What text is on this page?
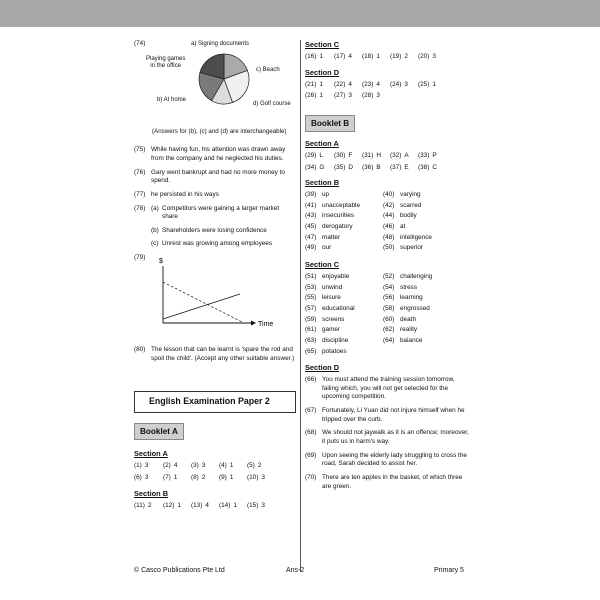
(74)	a) Signing documents
Playing games
in the office
c) Beach
b) At home
d) Golf course
(Answers for (b), (c) and (d) are interchangeable)
(75) While having fun, his attention was drawn away from the company and he neglected his duties.
(76) Gary went bankrupt and had no more money to spend.
(77) he persisted in his ways
(78) (a) Competitors were gaining a larger market share
(b) Shareholders were losing confidence
(c) Unrest was growing among employees
(79)
$
Time
(80) The lesson that can be learnt is 'spare the rod and spoil the child'. (Accept any other suitable answer.)
English Examination Paper 2
Booklet A
Section A
(1) 3	(2) 4	(3) 3	(4) 1	(5) 2
(6) 3	(7) 1	(8) 2	(9) 1	(10) 3
Section B
(11) 2	(12) 1	(13) 4	(14) 1	(15) 3
Section C
(16) 1	(17) 4	(18) 1	(19) 2	(20) 3
Section D
(21) 1	(22) 4	(23) 4	(24) 3	(25) 1
(26) 1	(27) 3	(28) 3
Booklet B
Section A
(29) L	(30) F	(31) H	(32) A	(33) P
(34) G	(35) D	(36) B	(37) E	(38) C
Section B
(39) up	(40) varying
(41) unacceptable	(42) scarred
(43) insecurities	(44) bodily
(45) derogatory	(46) at
(47) matter	(48) intelligence
(49) our	(50) superior
Section C
(51) enjoyable	(52) challenging
(53) unwind	(54) stress
(55) leisure	(56) learning
(57) educational	(58) engrossed
(59) screens	(60) death
(61) gamer	(62) reality
(63) discipline	(64) balance
(65) potatoes
Section D
(66) You must attend the training session tomorrow, failing which, you will not get selected for the upcoming competition.
(67) Fortunately, Li Yuan did not injure himself when he tripped over the curb.
(68) We should not jaywalk as it is an offence; moreover, it puts us in harm's way.
(69) Upon seeing the elderly lady struggling to cross the road, Sarah decided to assist her.
(70) There are ten apples in the basket, of which three are green.
© Casco Publications Pte Ltd	Ans-2	Primary 5
